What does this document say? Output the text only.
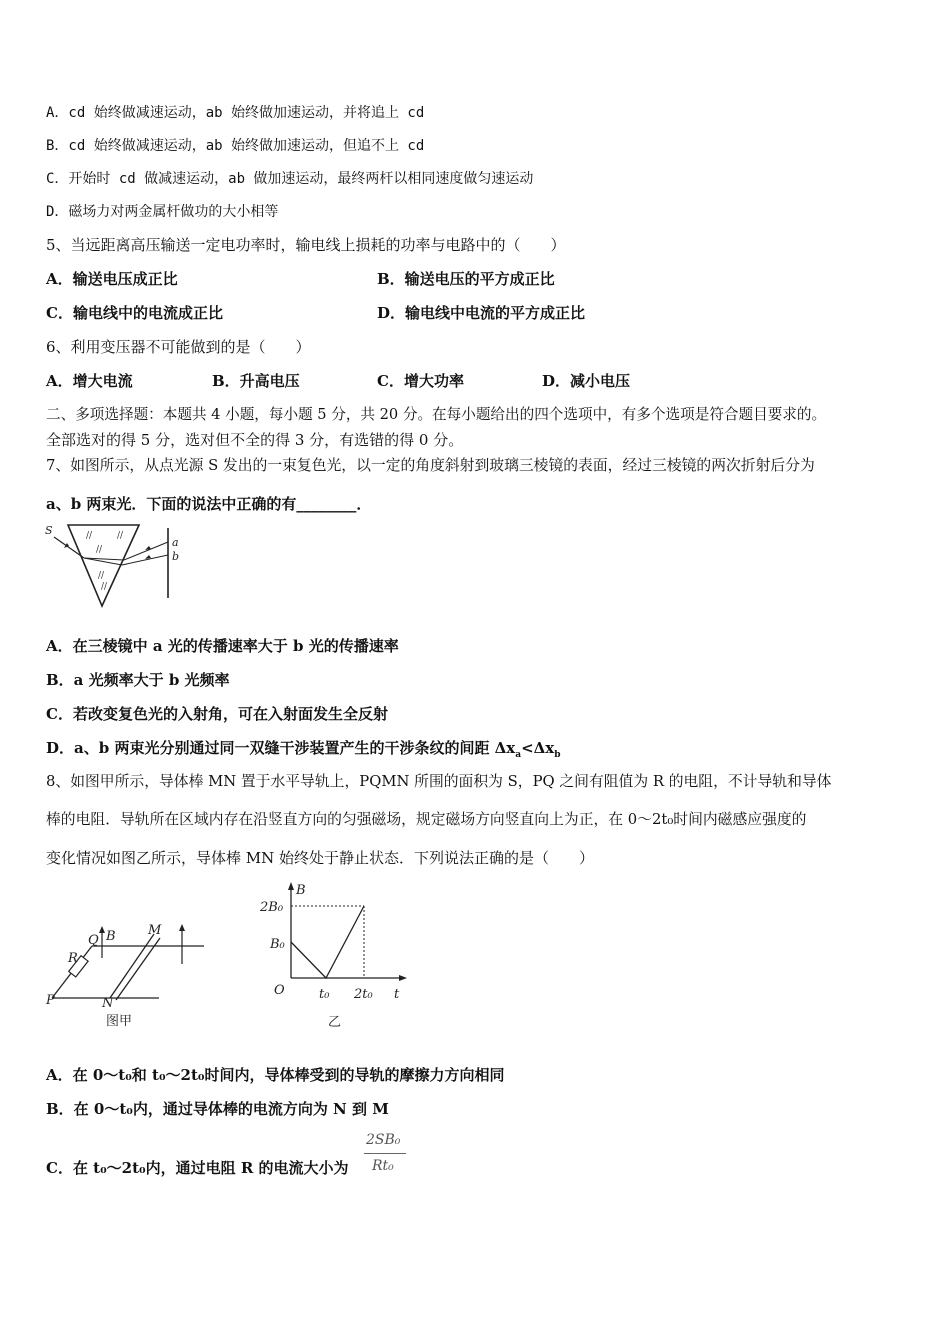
A．cd 始终做减速运动，ab 始终做加速运动，并将追上 cd
B．cd 始终做减速运动，ab 始终做加速运动，但追不上 cd
C．开始时 cd 做减速运动，ab 做加速运动，最终两杆以相同速度做匀速运动
D．磁场力对两金属杆做功的大小相等
5、当远距离高压输送一定电功率时，输电线上损耗的功率与电路中的（　　）
A．输送电压成正比	B．输送电压的平方成正比
C．输电线中的电流成正比	D．输电线中电流的平方成正比
6、利用变压器不可能做到的是（　　）
A．增大电流	B．升高电压	C．增大功率	D．减小电压
二、多项选择题：本题共 4 小题，每小题 5 分，共 20 分。在每小题给出的四个选项中，有多个选项是符合题目要求的。
全部选对的得 5 分，选对但不全的得 3 分，有选错的得 0 分。
7、如图所示，从点光源 S 发出的一束复色光，以一定的角度斜射到玻璃三棱镜的表面，经过三棱镜的两次折射后分为
a、b 两束光．下面的说法中正确的有________．
//	//
//
//
//
S
a
b
A．在三棱镜中 a 光的传播速率大于 b 光的传播速率
B．a 光频率大于 b 光频率
C．若改变复色光的入射角，可在入射面发生全反射
D．a、b 两束光分别通过同一双缝干涉装置产生的干涉条纹的间距 $\Delta x_a<\Delta x_b$
8、如图甲所示，导体棒 MN 置于水平导轨上，PQMN 所围的面积为 S，PQ 之间有阻值为 R 的电阻，不计导轨和导体
棒的电阻．导轨所在区域内存在沿竖直方向的匀强磁场，规定磁场方向竖直向上为正，在 0～2t₀时间内磁感应强度的
变化情况如图乙所示，导体棒 MN 始终处于静止状态．下列说法正确的是（　　）
Q B M
R
P	N
图甲
B
2B₀
B₀
O	t₀ 2t₀ t
乙
A．在 0～t₀和 t₀～2t₀时间内，导体棒受到的导轨的摩擦力方向相同
B．在 0～t₀内，通过导体棒的电流方向为 N 到 M
C．在 t₀～2t₀内，通过电阻 R 的电流大小为
2SB₀
Rt₀
